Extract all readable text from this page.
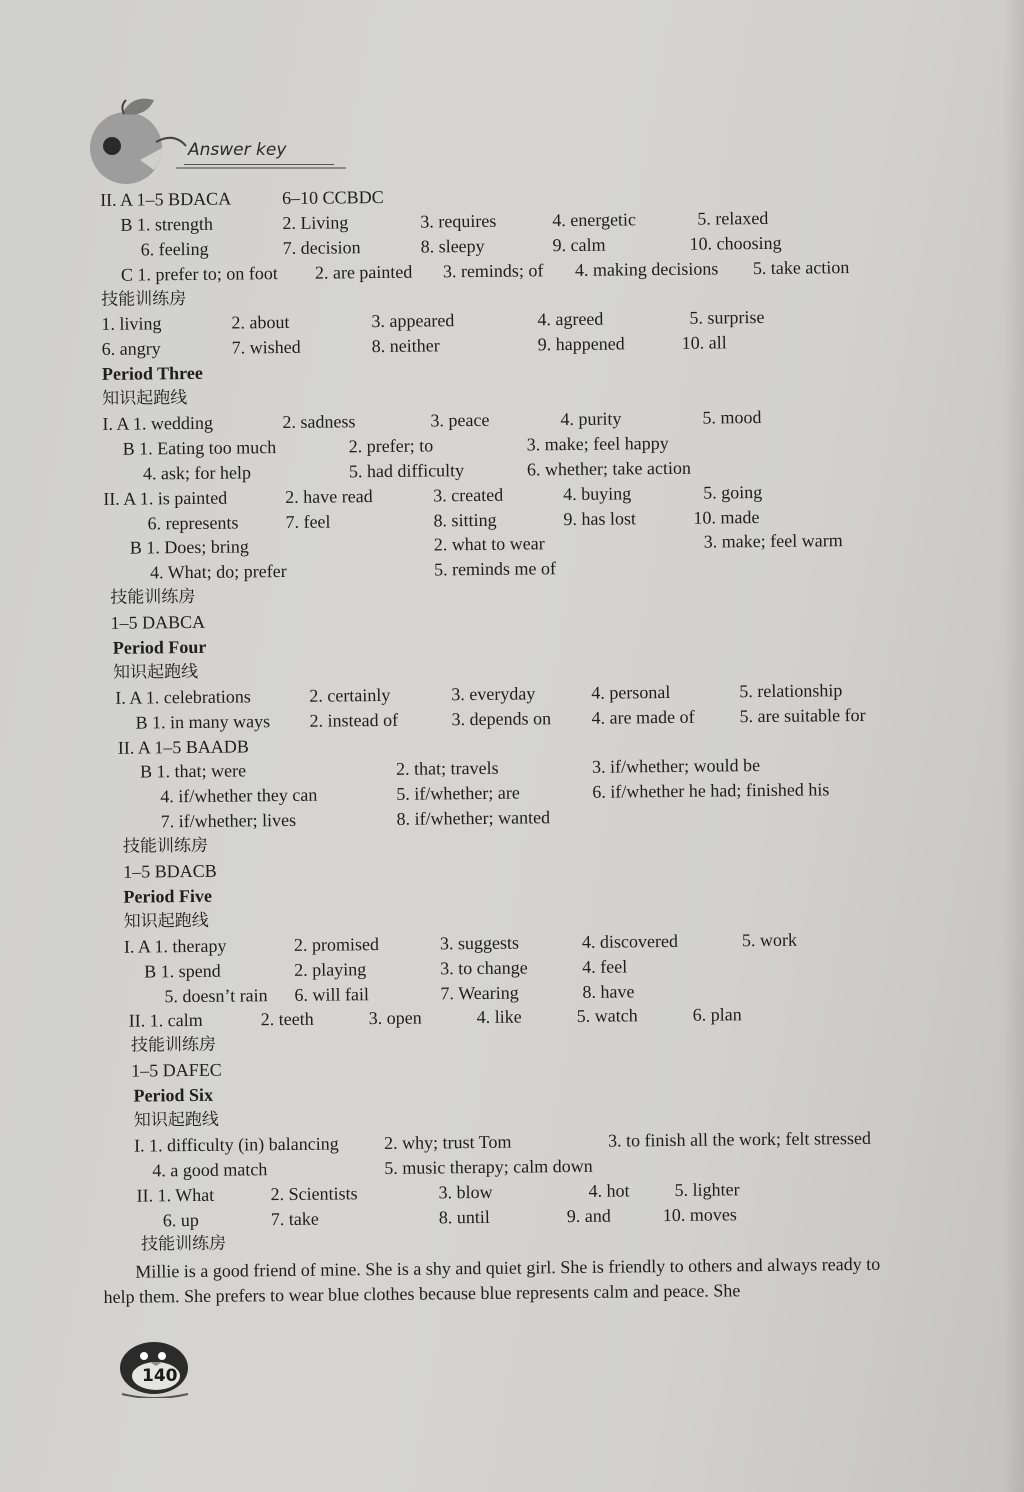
Answer key
II. A 1–5 BDACA	6–10 CCBDC
B 1. strength	2. Living	3. requires	4. energetic	5. relaxed
6. feeling	7. decision	8. sleepy	9. calm	10. choosing
C 1. prefer to; on foot 2. are painted 3. reminds; of 4. making decisions 5. take action
技能训练房
1. living	2. about	3. appeared	4. agreed	5. surprise
6. angry	7. wished	8. neither	9. happened	10. all
Period Three
知识起跑线
I. A 1. wedding	2. sadness	3. peace	4. purity	5. mood
B 1. Eating too much	2. prefer; to	3. make; feel happy
4. ask; for help	5. had difficulty	6. whether; take action
II. A 1. is painted	2. have read	3. created	4. buying	5. going
6. represents	7. feel	8. sitting	9. has lost	10. made
B 1. Does; bring	2. what to wear	3. make; feel warm
4. What; do; prefer	5. reminds me of
技能训练房
1–5 DABCA
Period Four
知识起跑线
I. A 1. celebrations	2. certainly	3. everyday	4. personal	5. relationship
B 1. in many ways 2. instead of	3. depends on 4. are made of 5. are suitable for
II. A 1–5 BAADB
B 1. that; were	2. that; travels	3. if/whether; would be
4. if/whether they can	5. if/whether; are	6. if/whether he had; finished his
7. if/whether; lives	8. if/whether; wanted
技能训练房
1–5 BDACB
Period Five
知识起跑线
I. A 1. therapy	2. promised	3. suggests	4. discovered	5. work
B 1. spend	2. playing	3. to change	4. feel
5. doesn’t rain 6. will fail	7. Wearing	8. have
II. 1. calm	2. teeth	3. open	4. like	5. watch	6. plan
技能训练房
1–5 DAFEC
Period Six
知识起跑线
I. 1. difficulty (in) balancing	2. why; trust Tom	3. to finish all the work; felt stressed
4. a good match	5. music therapy; calm down
II. 1. What	2. Scientists	3. blow	4. hot 5. lighter
6. up	7. take	8. until	9. and	10. moves
技能训练房
Millie is a good friend of mine. She is a shy and quiet girl. She is friendly to others and always ready to help them. She prefers to wear blue clothes because blue represents calm and peace. She
140
